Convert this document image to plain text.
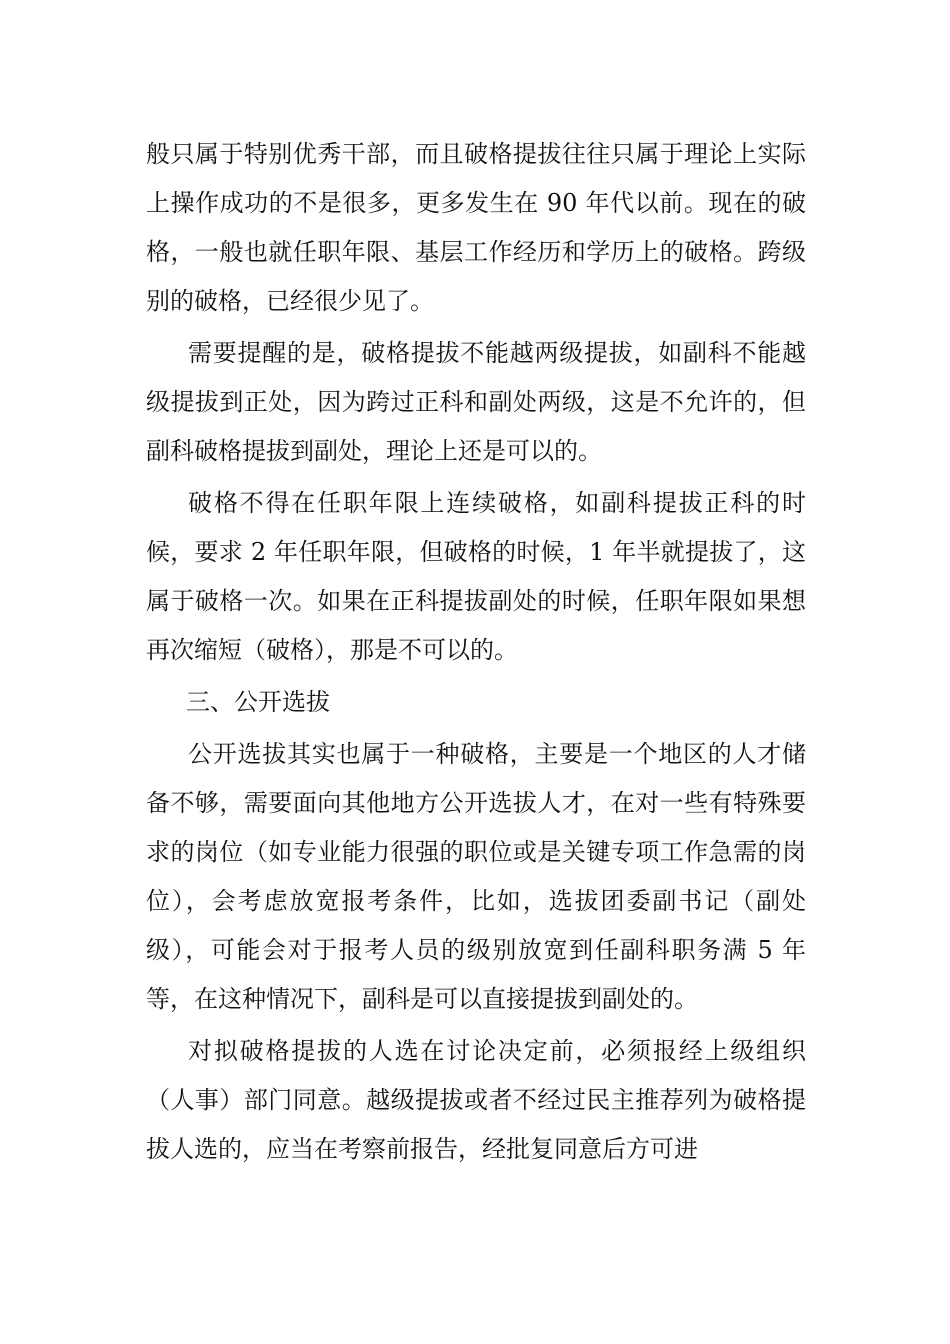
般只属于特别优秀干部，而且破格提拔往往只属于理论上实际上操作成功的不是很多，更多发生在 90 年代以前。现在的破格，一般也就任职年限、基层工作经历和学历上的破格。跨级别的破格，已经很少见了。

需要提醒的是，破格提拔不能越两级提拔，如副科不能越级提拔到正处，因为跨过正科和副处两级，这是不允许的，但副科破格提拔到副处，理论上还是可以的。

破格不得在任职年限上连续破格，如副科提拔正科的时候，要求 2 年任职年限，但破格的时候，1 年半就提拔了，这属于破格一次。如果在正科提拔副处的时候，任职年限如果想再次缩短（破格），那是不可以的。

三、公开选拔

公开选拔其实也属于一种破格，主要是一个地区的人才储备不够，需要面向其他地方公开选拔人才，在对一些有特殊要求的岗位（如专业能力很强的职位或是关键专项工作急需的岗位），会考虑放宽报考条件，比如，选拔团委副书记（副处级），可能会对于报考人员的级别放宽到任副科职务满 5 年等，在这种情况下，副科是可以直接提拔到副处的。

对拟破格提拔的人选在讨论决定前，必须报经上级组织（人事）部门同意。越级提拔或者不经过民主推荐列为破格提拔人选的，应当在考察前报告，经批复同意后方可进
